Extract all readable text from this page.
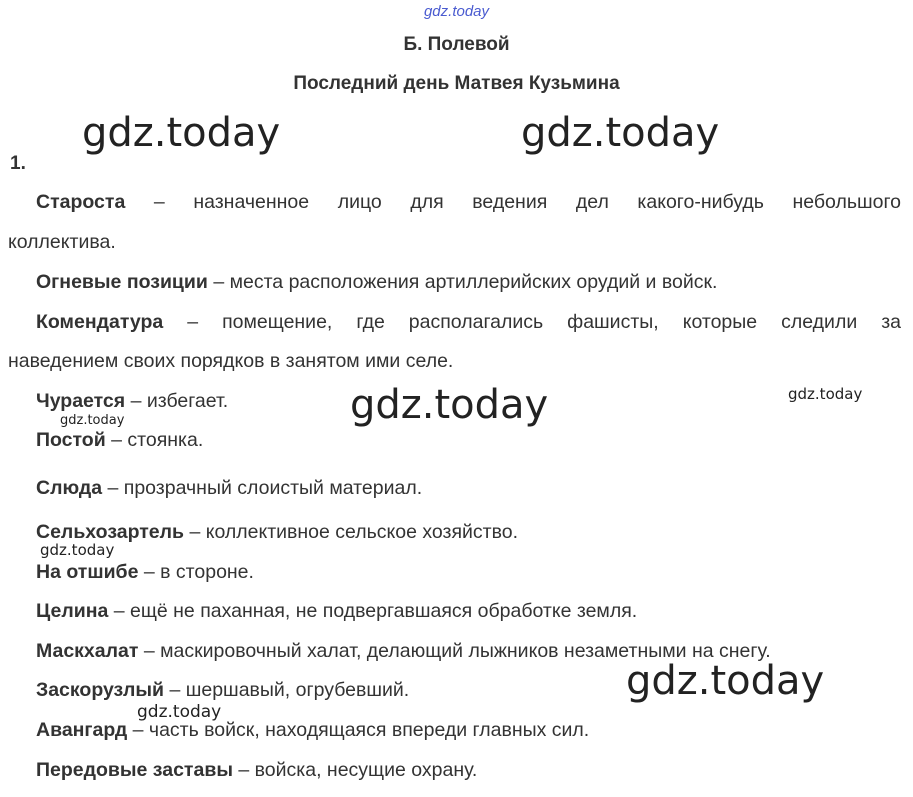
gdz.today
Б. Полевой
Последний день Матвея Кузьмина
gdz.today	gdz.today
1.
Староста – назначенное лицо для ведения дел какого-нибудь небольшого
коллектива.
Огневые позиции – места расположения артиллерийских орудий и войск.
Комендатура – помещение, где располагались фашисты, которые следили за
наведением своих порядков в занятом ими селе.
Чурается – избегает.	gdz.today	gdz.today
gdz.today
Постой – стоянка.
Слюда – прозрачный слоистый материал.
Сельхозартель – коллективное сельское хозяйство.
gdz.today
На отшибе – в стороне.
Целина – ещё не паханная, не подвергавшаяся обработке земля.
Маскхалат – маскировочный халат, делающий лыжников незаметными на снегу.
Заскорузлый – шершавый, огрубевший.	gdz.today
gdz.today
Авангард – часть войск, находящаяся впереди главных сил.
Передовые заставы – войска, несущие охрану.
